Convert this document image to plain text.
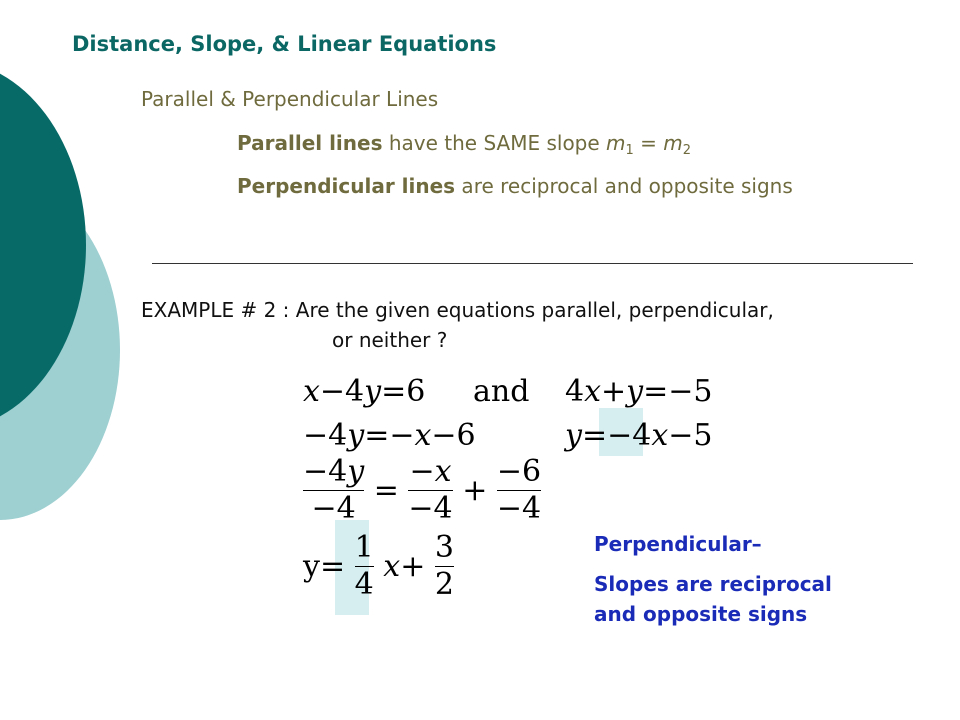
Distance, Slope, & Linear Equations
Parallel & Perpendicular Lines
Parallel lines have the SAME slope $m_1 = m_2$
Perpendicular lines are reciprocal and opposite signs
EXAMPLE # 2 : Are the given equations parallel, perpendicular,
or neither ?
x−4y=6 and
−4y=−x−6
$\frac{-4y}{-4} = \frac{-x}{-4} + \frac{-6}{-4}$
$y= \frac{1}{4} x+ \frac{3}{2}$
4x+y=−5
y=−4x−5
Perpendicular–
Slopes are reciprocal
and opposite signs
